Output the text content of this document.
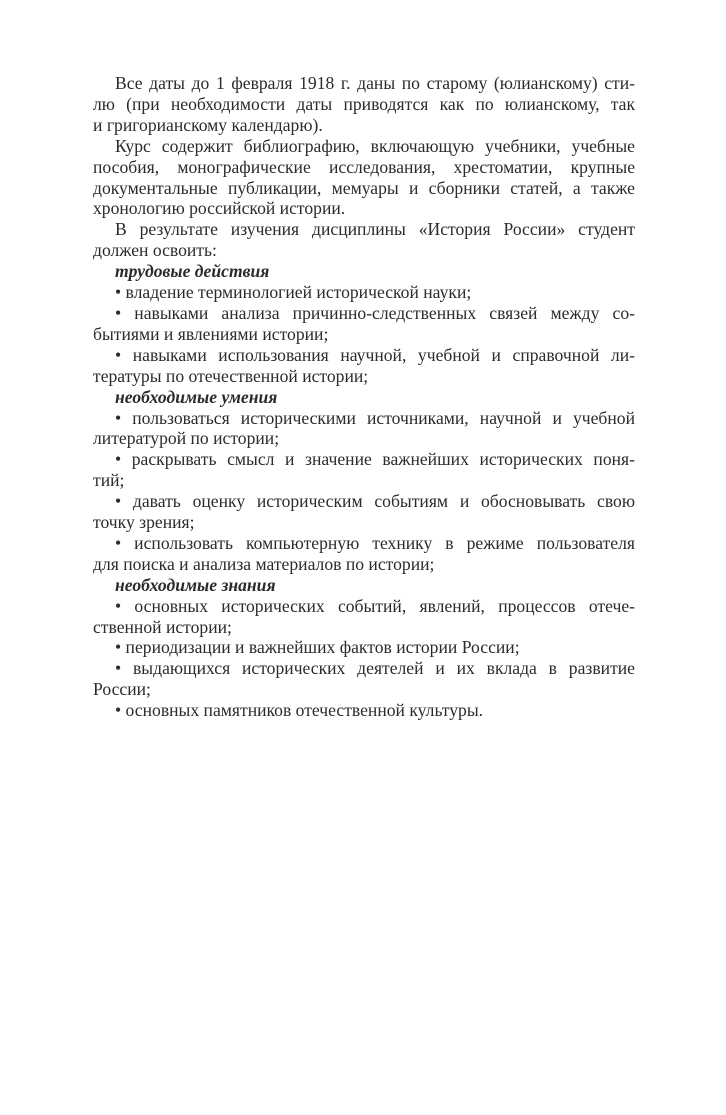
Все даты до 1 февраля 1918 г. даны по старому (юлианскому) сти-
лю (при необходимости даты приводятся как по юлианскому, так
и григорианскому календарю).
Курс содержит библиографию, включающую учебники, учебные
пособия, монографические исследования, хрестоматии, крупные
документальные публикации, мемуары и сборники статей, а также
хронологию российской истории.
В результате изучения дисциплины «История России» студент
должен освоить:
трудовые действия
• владение терминологией исторической науки;
• навыками анализа причинно-следственных связей между со-
бытиями и явлениями истории;
• навыками использования научной, учебной и справочной ли-
тературы по отечественной истории;
необходимые умения
• пользоваться историческими источниками, научной и учебной
литературой по истории;
• раскрывать смысл и значение важнейших исторических поня-
тий;
• давать оценку историческим событиям и обосновывать свою
точку зрения;
• использовать компьютерную технику в режиме пользователя
для поиска и анализа материалов по истории;
необходимые знания
• основных исторических событий, явлений, процессов отече-
ственной истории;
• периодизации и важнейших фактов истории России;
• выдающихся исторических деятелей и их вклада в развитие
России;
• основных памятников отечественной культуры.
